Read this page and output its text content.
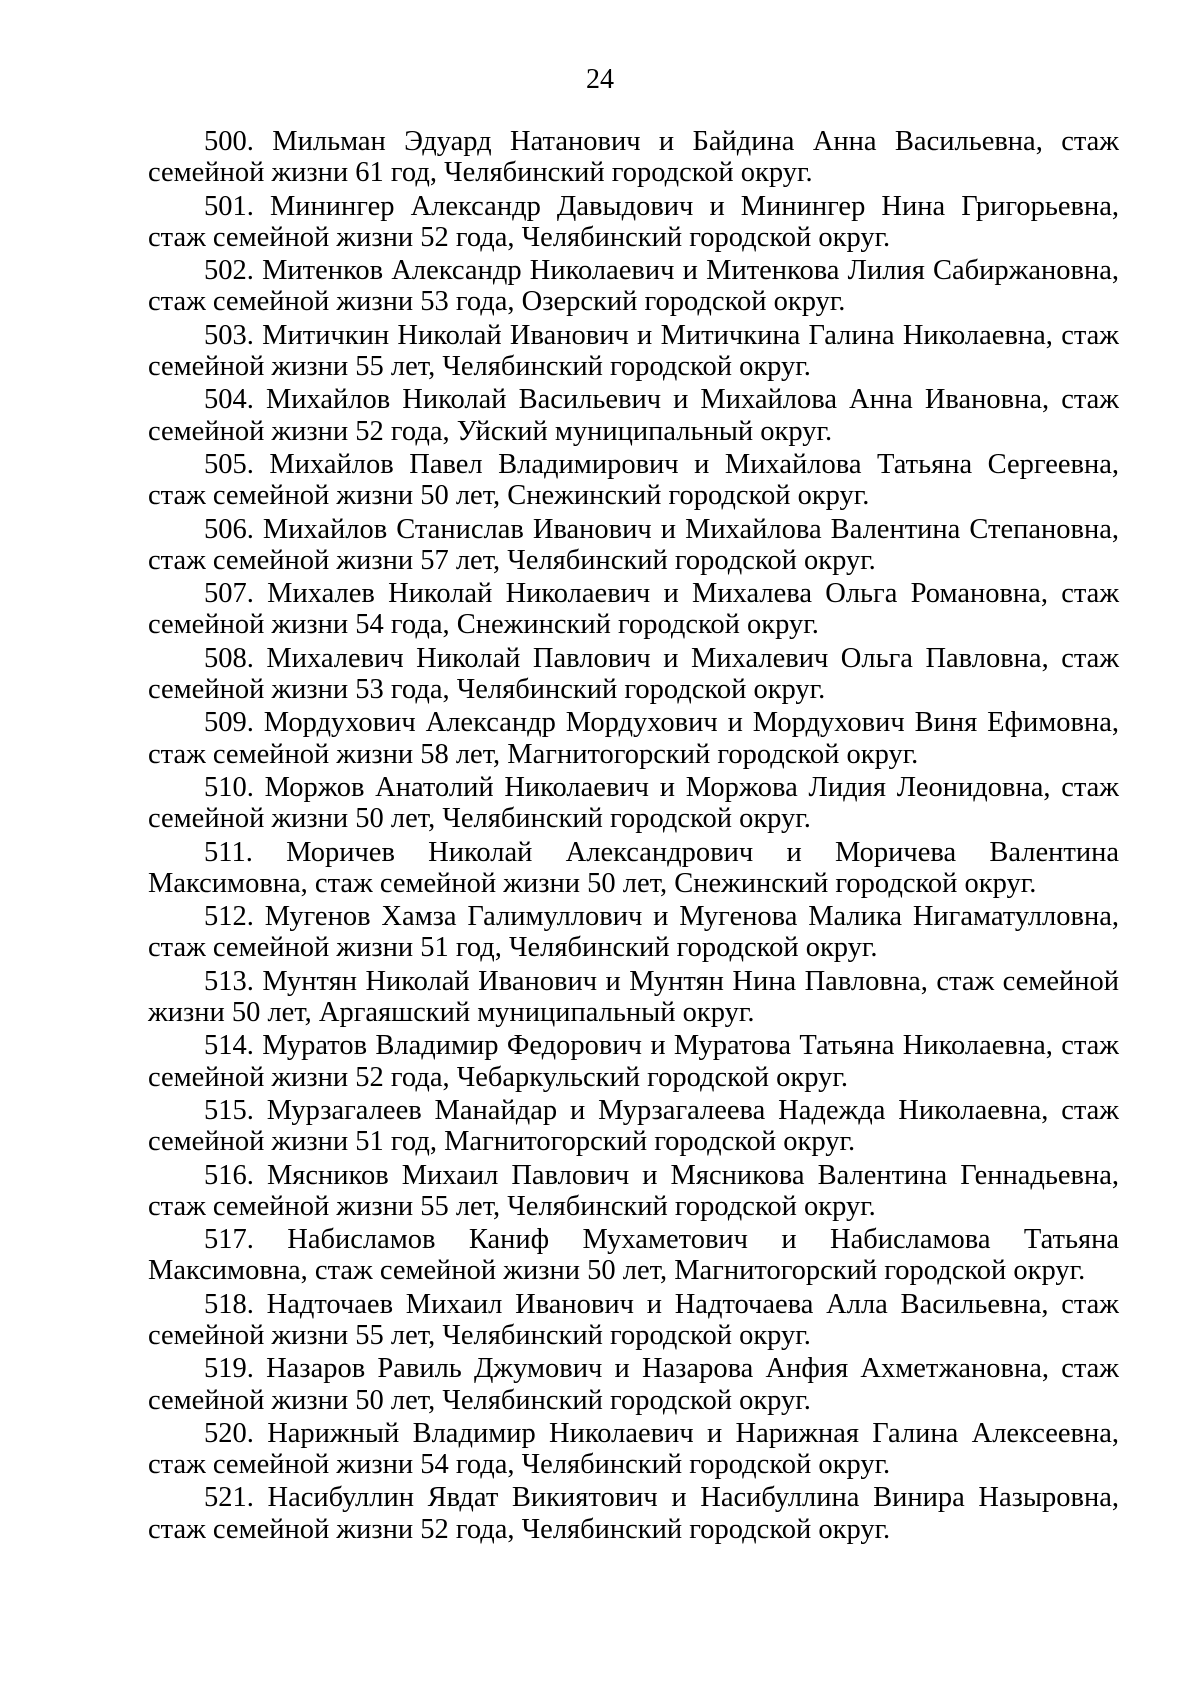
24
500. Мильман Эдуард Натанович и Байдина Анна Васильевна, стаж семейной жизни 61 год, Челябинский городской округ.
501. Минингер Александр Давыдович и Минингер Нина Григорьевна, стаж семейной жизни 52 года, Челябинский городской округ.
502. Митенков Александр Николаевич и Митенкова Лилия Сабиржановна, стаж семейной жизни 53 года, Озерский городской округ.
503. Митичкин Николай Иванович и Митичкина Галина Николаевна, стаж семейной жизни 55 лет, Челябинский городской округ.
504. Михайлов Николай Васильевич и Михайлова Анна Ивановна, стаж семейной жизни 52 года, Уйский муниципальный округ.
505. Михайлов Павел Владимирович и Михайлова Татьяна Сергеевна, стаж семейной жизни 50 лет, Снежинский городской округ.
506. Михайлов Станислав Иванович и Михайлова Валентина Степановна, стаж семейной жизни 57 лет, Челябинский городской округ.
507. Михалев Николай Николаевич и Михалева Ольга Романовна, стаж семейной жизни 54 года, Снежинский городской округ.
508. Михалевич Николай Павлович и Михалевич Ольга Павловна, стаж семейной жизни 53 года, Челябинский городской округ.
509. Мордухович Александр Мордухович и Мордухович Виня Ефимовна, стаж семейной жизни 58 лет, Магнитогорский городской округ.
510. Моржов Анатолий Николаевич и Моржова Лидия Леонидовна, стаж семейной жизни 50 лет, Челябинский городской округ.
511. Моричев Николай Александрович и Моричева Валентина Максимовна, стаж семейной жизни 50 лет, Снежинский городской округ.
512. Мугенов Хамза Галимуллович и Мугенова Малика Нигаматулловна, стаж семейной жизни 51 год, Челябинский городской округ.
513. Мунтян Николай Иванович и Мунтян Нина Павловна, стаж семейной жизни 50 лет, Аргаяшский муниципальный округ.
514. Муратов Владимир Федорович и Муратова Татьяна Николаевна, стаж семейной жизни 52 года, Чебаркульский городской округ.
515. Мурзагалеев Манайдар и Мурзагалеева Надежда Николаевна, стаж семейной жизни 51 год, Магнитогорский городской округ.
516. Мясников Михаил Павлович и Мясникова Валентина Геннадьевна, стаж семейной жизни 55 лет, Челябинский городской округ.
517. Набисламов Каниф Мухаметович и Набисламова Татьяна Максимовна, стаж семейной жизни 50 лет, Магнитогорский городской округ.
518. Надточаев Михаил Иванович и Надточаева Алла Васильевна, стаж семейной жизни 55 лет, Челябинский городской округ.
519. Назаров Равиль Джумович и Назарова Анфия Ахметжановна, стаж семейной жизни 50 лет, Челябинский городской округ.
520. Нарижный Владимир Николаевич и Нарижная Галина Алексеевна, стаж семейной жизни 54 года, Челябинский городской округ.
521. Насибуллин Явдат Викиятович и Насибуллина Винира Назыровна, стаж семейной жизни 52 года, Челябинский городской округ.
